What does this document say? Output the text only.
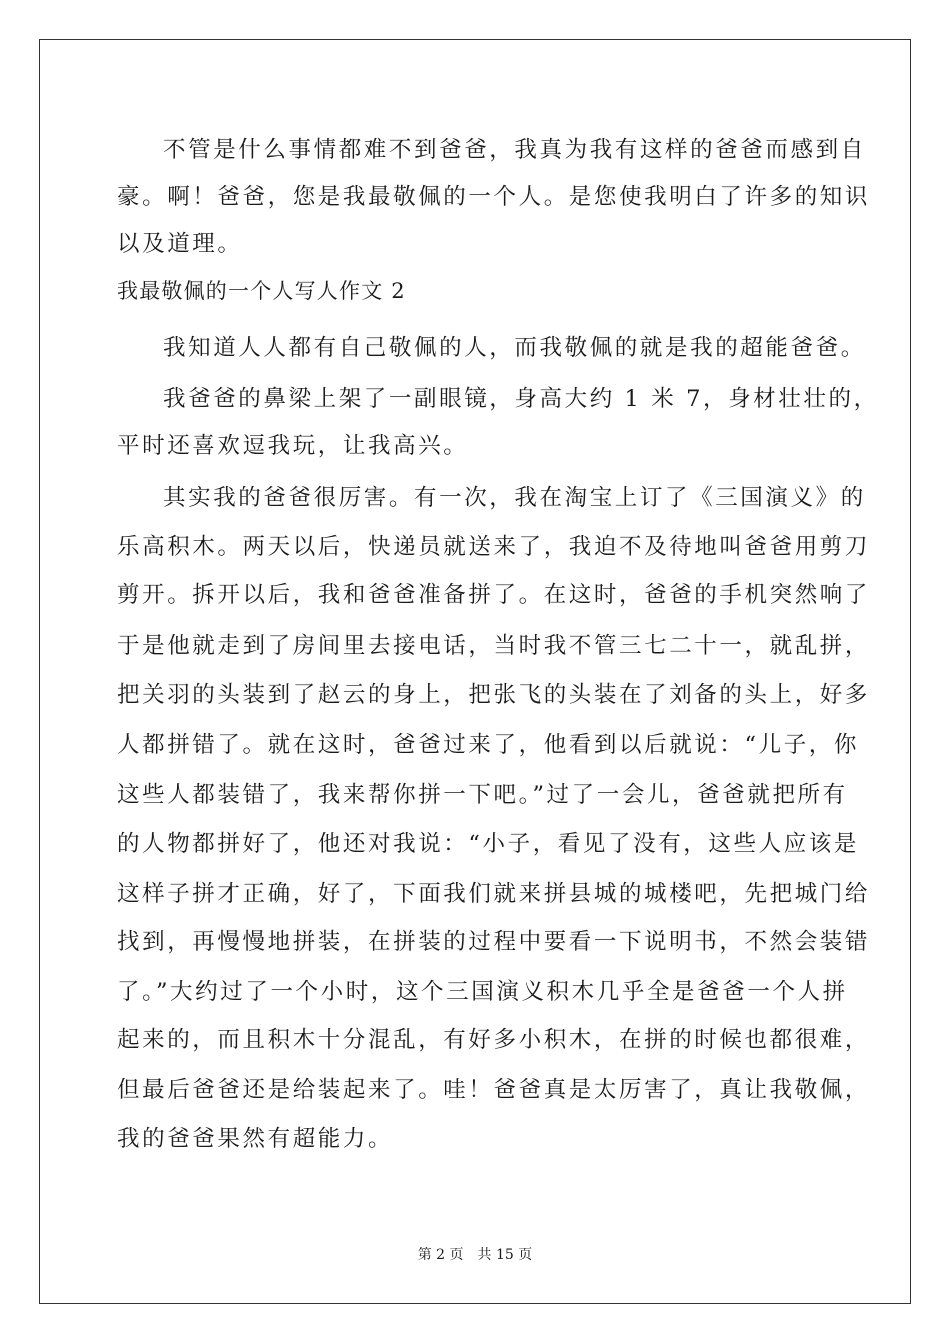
不管是什么事情都难不到爸爸，我真为我有这样的爸爸而感到自
豪。啊！爸爸，您是我最敬佩的一个人。是您使我明白了许多的知识
以及道理。
我最敬佩的一个人写人作文 2
我知道人人都有自己敬佩的人，而我敬佩的就是我的超能爸爸。
我爸爸的鼻梁上架了一副眼镜，身高大约 1 米 7，身材壮壮的，
平时还喜欢逗我玩，让我高兴。
其实我的爸爸很厉害。有一次，我在淘宝上订了《三国演义》的
乐高积木。两天以后，快递员就送来了，我迫不及待地叫爸爸用剪刀
剪开。拆开以后，我和爸爸准备拼了。在这时，爸爸的手机突然响了
于是他就走到了房间里去接电话，当时我不管三七二十一，就乱拼，
把关羽的头装到了赵云的身上，把张飞的头装在了刘备的头上，好多
人都拼错了。就在这时，爸爸过来了，他看到以后就说：“儿子，你
这些人都装错了，我来帮你拼一下吧。”过了一会儿，爸爸就把所有
的人物都拼好了，他还对我说：“小子，看见了没有，这些人应该是
这样子拼才正确，好了，下面我们就来拼县城的城楼吧，先把城门给
找到，再慢慢地拼装，在拼装的过程中要看一下说明书，不然会装错
了。”大约过了一个小时，这个三国演义积木几乎全是爸爸一个人拼
起来的，而且积木十分混乱，有好多小积木，在拼的时候也都很难，
但最后爸爸还是给装起来了。哇！爸爸真是太厉害了，真让我敬佩，
我的爸爸果然有超能力。
第 2 页　共 15 页
